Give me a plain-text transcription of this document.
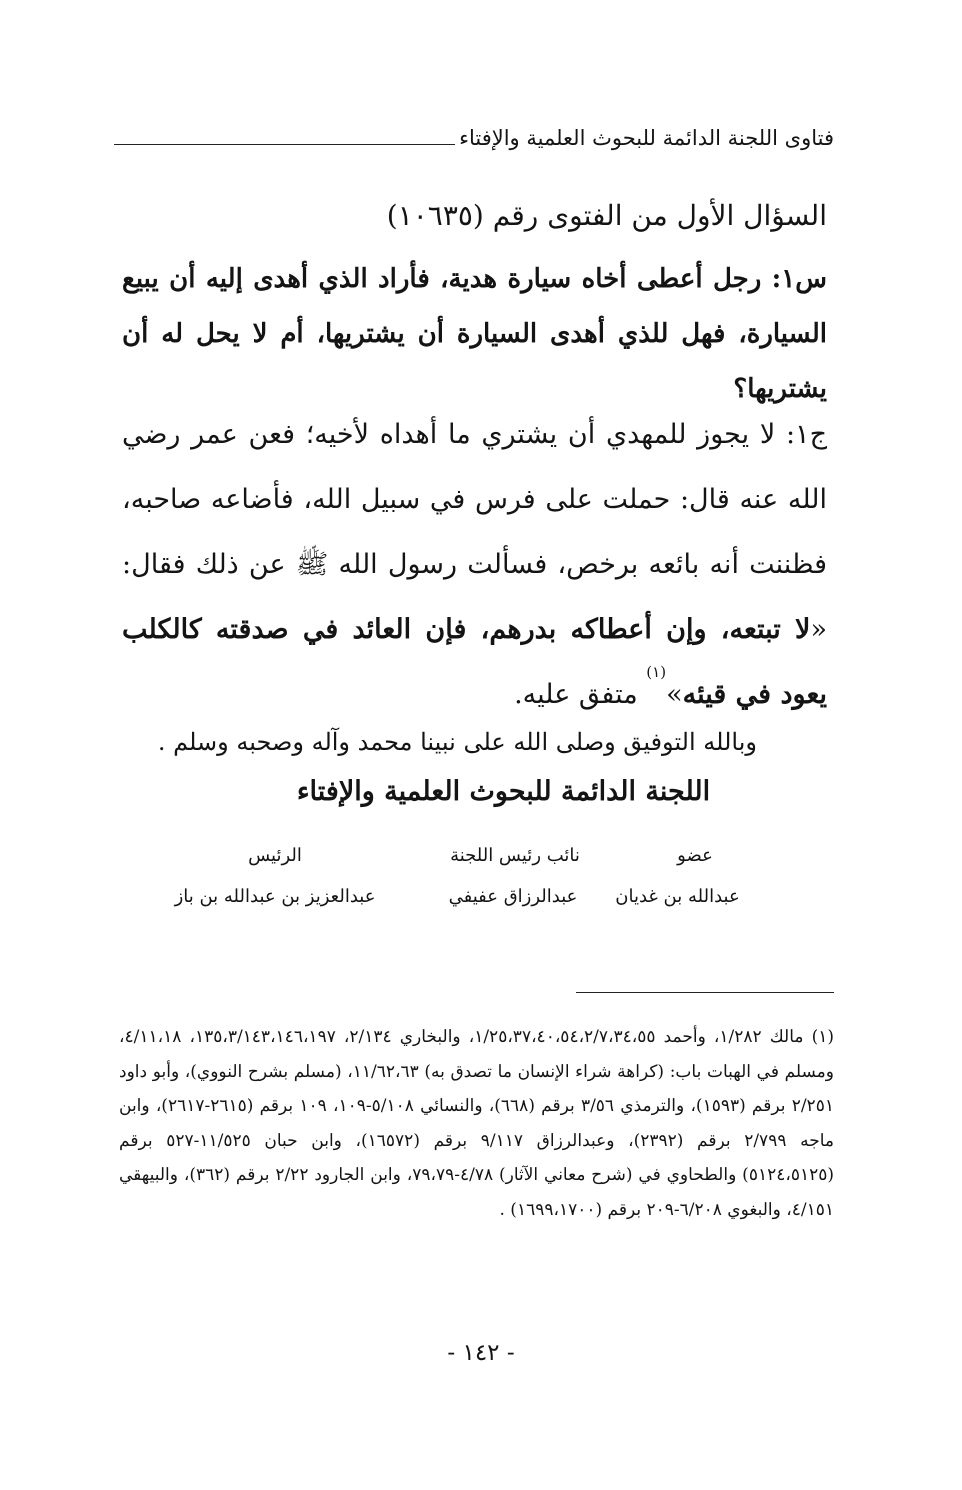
فتاوى اللجنة الدائمة للبحوث العلمية والإفتاء
السؤال الأول من الفتوى رقم (١٠٦٣٥)
س١: رجل أعطى أخاه سيارة هدية، فأراد الذي أهدى إليه أن يبيع السيارة، فهل للذي أهدى السيارة أن يشتريها، أم لا يحل له أن يشتريها؟
ج١: لا يجوز للمهدي أن يشتري ما أهداه لأخيه؛ فعن عمر رضي الله عنه قال: حملت على فرس في سبيل الله، فأضاعه صاحبه، فظننت أنه بائعه برخص، فسألت رسول الله ﷺ عن ذلك فقال: «لا تبتعه، وإن أعطاكه بدرهم، فإن العائد في صدقته كالكلب يعود في قيئه»$^{(١)}$ متفق عليه.
وبالله التوفيق وصلى الله على نبينا محمد وآله وصحبه وسلم .
اللجنة الدائمة للبحوث العلمية والإفتاء
عضو
عبدالله بن غديان
نائب رئيس اللجنة
عبدالرزاق عفيفي
الرئيس
عبدالعزيز بن عبدالله بن باز
(١) مالك ١/٢٨٢، وأحمد ١/٢٥،٣٧،٤٠،٥٤،٢/٧،٣٤،٥٥، والبخاري ٢/١٣٤، ١٣٥،٣/١٤٣،١٤٦،١٩٧، ٤/١١،١٨، ومسلم في الهبات باب: (كراهة شراء الإنسان ما تصدق به) ١١/٦٢،٦٣، (مسلم بشرح النووي)، وأبو داود ٢/٢٥١ برقم (١٥٩٣)، والترمذي ٣/٥٦ برقم (٦٦٨)، والنسائي ٥/١٠٨-١٠٩، ١٠٩ برقم (٢٦١٥-٢٦١٧)، وابن ماجه ٢/٧٩٩ برقم (٢٣٩٢)، وعبدالرزاق ٩/١١٧ برقم (١٦٥٧٢)، وابن حبان ١١/٥٢٥-٥٢٧ برقم (٥١٢٤،٥١٢٥) والطحاوي في (شرح معاني الآثار) ٤/٧٨-٧٩،٧٩، وابن الجارود ٢/٢٢ برقم (٣٦٢)، والبيهقي ٤/١٥١، والبغوي ٦/٢٠٨-٢٠٩ برقم (١٦٩٩،١٧٠٠) .
- ١٤٢ -
